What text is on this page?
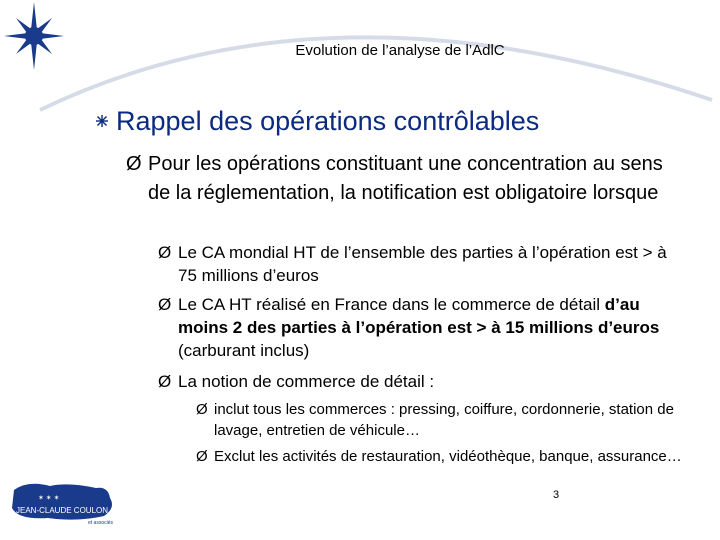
Evolution de l’analyse de l’AdlC
Rappel des opérations contrôlables
Ø Pour les opérations constituant une concentration au sens de la réglementation, la notification est obligatoire lorsque
Ø Le CA mondial HT de l’ensemble des parties à l’opération est > à 75 millions d’euros
Ø Le CA HT réalisé en France dans le commerce de détail d’au moins 2 des parties à l’opération est > à 15 millions d’euros (carburant inclus)
Ø La notion de commerce de détail :
Ø inclut tous les commerces : pressing, coiffure, cordonnerie, station de lavage, entretien de véhicule…
Ø Exclut les activités de restauration, vidéothèque, banque, assurance…
3
✶ ✶ ✶
JEAN-CLAUDE COULON
et associés
